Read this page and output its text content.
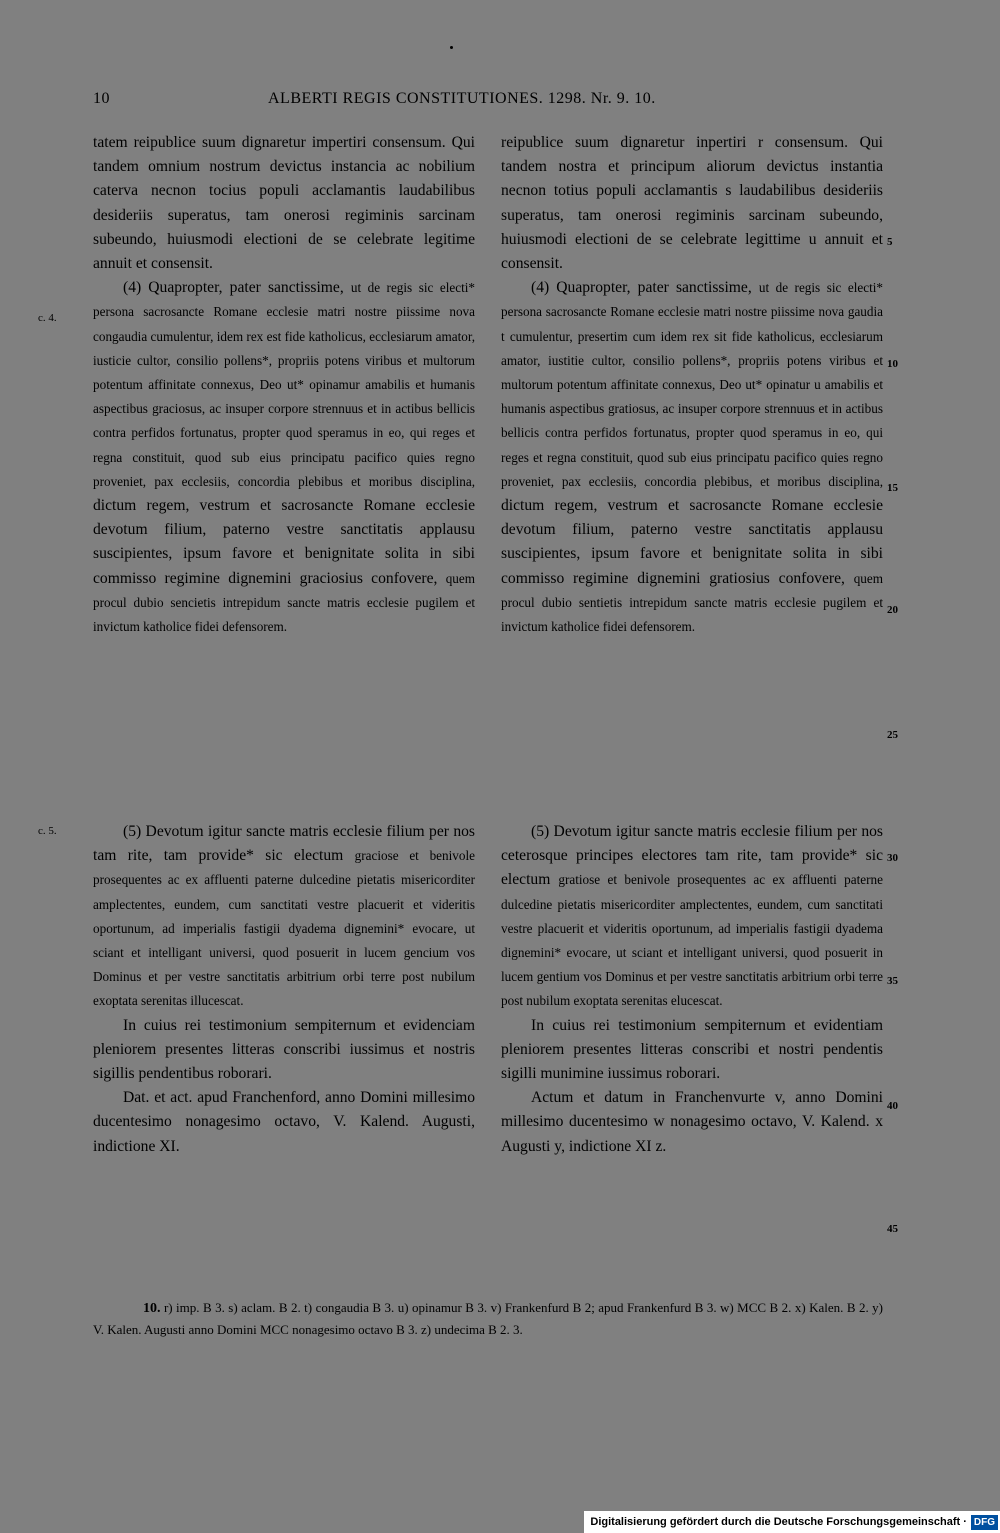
10	ALBERTI REGIS CONSTITUTIONES. 1298. Nr. 9. 10.
c. 4.
c. 5.

tatem reipublice suum dignaretur impertiri consensum. Qui tandem omnium nostrum devictus instancia ac nobilium caterva necnon tocius populi acclamantis laudabilibus desideriis superatus, tam onerosi regiminis sarcinam subeundo, huiusmodi electioni de se celebrate legitime annuit et consensit.

(4) Quapropter, pater sanctissime, ut de regis sic electi* persona sacrosancte Romane ecclesie matri nostre piissime nova congaudia cumulentur, idem rex est fide katholicus, ecclesiarum amator, iusticie cultor, consilio pollens*, propriis potens viribus et multorum potentum affinitate connexus, Deo ut* opinamur amabilis et humanis aspectibus graciosus, ac insuper corpore strennuus et in actibus bellicis contra perfidos fortunatus, propter quod speramus in eo, qui reges et regna constituit, quod sub eius principatu pacifico quies regno proveniet, pax ecclesiis, concordia plebibus et moribus disciplina, dictum regem, vestrum et sacrosancte Romane ecclesie devotum filium, paterno vestre sanctitatis applausu suscipientes, ipsum favore et benignitate solita in sibi commisso regimine dignemini graciosius confovere, quem procul dubio sencietis intrepidum sancte matris ecclesie pugilem et invictum katholice fidei defensorem.

(5) Devotum igitur sancte matris ecclesie filium per nos tam rite, tam provide* sic electum graciose et benivole prosequentes ac ex affluenti paterne dulcedine pietatis misericorditer amplectentes, eundem, cum sanctitati vestre placuerit et videritis oportunum, ad imperialis fastigii dyadema dignemini* evocare, ut sciant et intelligant universi, quod posuerit in lucem gencium vos Dominus et per vestre sanctitatis arbitrium orbi terre post nubilum exoptata serenitas illucescat.

In cuius rei testimonium sempiternum et evidenciam pleniorem presentes litteras conscribi iussimus et nostris sigillis pendentibus roborari.

Dat. et act. apud Franchenford, anno Domini millesimo ducentesimo nonagesimo octavo, V. Kalend. Augusti, indictione XI.

reipublice suum dignaretur inpertiri r consensum. Qui tandem nostra et principum aliorum devictus instantia necnon totius populi acclamantis s laudabilibus desideriis superatus, tam onerosi regiminis sarcinam subeundo, huiusmodi electioni de se celebrate legittime u annuit et consensit.

(4) Quapropter, pater sanctissime, ut de regis sic electi* persona sacrosancte Romane ecclesie matri nostre piissime nova gaudia t cumulentur, presertim cum idem rex sit fide katholicus, ecclesiarum amator, iustitie cultor, consilio pollens*, propriis potens viribus et multorum potentum affinitate connexus, Deo ut* opinatur u amabilis et humanis aspectibus gratiosus, ac insuper corpore strennuus et in actibus bellicis contra perfidos fortunatus, propter quod speramus in eo, qui reges et regna constituit, quod sub eius principatu pacifico quies regno proveniet, pax ecclesiis, concordia plebibus, et moribus disciplina, dictum regem, vestrum et sacrosancte Romane ecclesie devotum filium, paterno vestre sanctitatis applausu suscipientes, ipsum favore et benignitate solita in sibi commisso regimine dignemini gratiosius confovere, quem procul dubio sentietis intrepidum sancte matris ecclesie pugilem et invictum katholice fidei defensorem.

(5) Devotum igitur sancte matris ecclesie filium per nos ceterosque principes electores tam rite, tam provide* sic electum gratiose et benivole prosequentes ac ex affluenti paterne dulcedine pietatis misericorditer amplectentes, eundem, cum sanctitati vestre placuerit et videritis oportunum, ad imperialis fastigii dyadema dignemini* evocare, ut sciant et intelligant universi, quod posuerit in lucem gentium vos Dominus et per vestre sanctitatis arbitrium orbi terre post nubilum exoptata serenitas elucescat.

In cuius rei testimonium sempiternum et evidentiam pleniorem presentes litteras conscribi et nostri pendentis sigilli munimine iussimus roborari.

Actum et datum in Franchenvurte v, anno Domini millesimo ducentesimo w nonagesimo octavo, V. Kalend. x Augusti y, indictione XI z.

5
10
15
20
25
30
35
40
45
10. r) imp. B 3. s) aclam. B 2. t) congaudia B 3. u) opinamur B 3. v) Frankenfurd B 2; apud Frankenfurd B 3. w) MCC B 2. x) Kalen. B 2. y) V. Kalen. Augusti anno Domini MCC nonagesimo octavo B 3. z) undecima B 2. 3.
Digitalisierung gefördert durch die Deutsche Forschungsgemeinschaft · DFG
